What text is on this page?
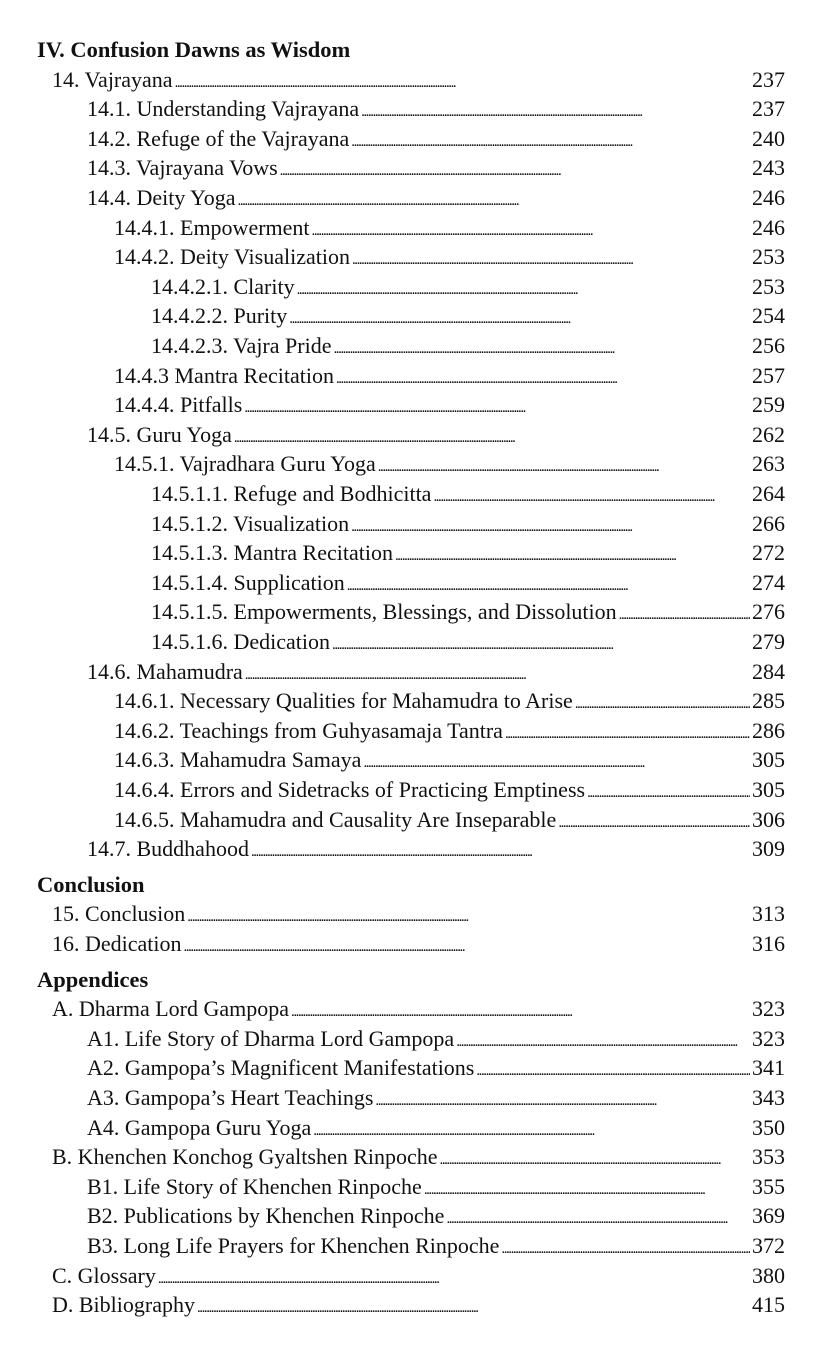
IV. Confusion Dawns as Wisdom
14. Vajrayana . . .	237
14.1. Understanding Vajrayana . . .	237
14.2. Refuge of the Vajrayana . . .	240
14.3. Vajrayana Vows . . .	243
14.4. Deity Yoga . . .	246
14.4.1. Empowerment . . .	246
14.4.2. Deity Visualization . . .	253
14.4.2.1. Clarity . . .	253
14.4.2.2. Purity . . .	254
14.4.2.3. Vajra Pride . . .	256
14.4.3 Mantra Recitation . . .	257
14.4.4. Pitfalls . . .	259
14.5. Guru Yoga . . .	262
14.5.1. Vajradhara Guru Yoga . . .	263
14.5.1.1. Refuge and Bodhicitta . . .	264
14.5.1.2. Visualization . . .	266
14.5.1.3. Mantra Recitation . . .	272
14.5.1.4. Supplication . . .	274
14.5.1.5. Empowerments, Blessings, and Dissolution . . .	276
14.5.1.6. Dedication . . .	279
14.6. Mahamudra . . .	284
14.6.1. Necessary Qualities for Mahamudra to Arise . . .	285
14.6.2. Teachings from Guhyasamaja Tantra . . .	286
14.6.3. Mahamudra Samaya . . .	305
14.6.4. Errors and Sidetracks of Practicing Emptiness . . .	305
14.6.5. Mahamudra and Causality Are Inseparable . . .	306
14.7. Buddhahood . . .	309
Conclusion
15. Conclusion . . .	313
16. Dedication . . .	316
Appendices
A. Dharma Lord Gampopa . . .	323
A1. Life Story of Dharma Lord Gampopa . . .	323
A2. Gampopa’s Magnificent Manifestations . . .	341
A3. Gampopa’s Heart Teachings . . .	343
A4. Gampopa Guru Yoga . . .	350
B. Khenchen Konchog Gyaltshen Rinpoche . . .	353
B1. Life Story of Khenchen Rinpoche . . .	355
B2. Publications by Khenchen Rinpoche . . .	369
B3. Long Life Prayers for Khenchen Rinpoche . . .	372
C. Glossary . . .	380
D. Bibliography . . .	415
